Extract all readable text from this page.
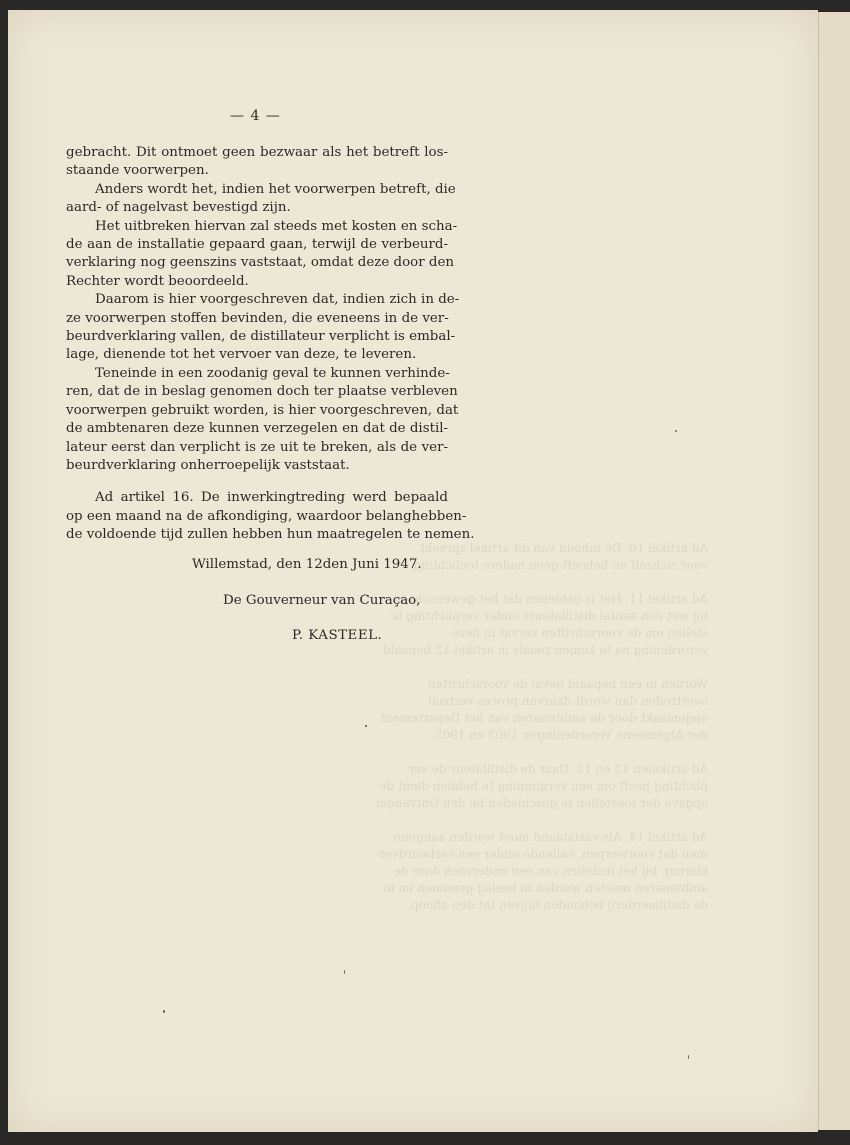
Ad artikel 10. De inhoud van dit artikel spreekt
voor zichzelf en behoeft geen nadere toelichting.

Ad artikel 11. Het is gebleken dat het gewenscht is
bij wet een aantal distillateurs onder verplichting te
stellen om de voorschriften vervat in deze
verordening na te komen zooals in artikel 12 bepaald

Worden in een bepaald geval de voorschriften
overtreden dan wordt daarvan proces-verbaal
opgemaakt door de ambtenaren van het Departement
der Algemeene Verordeningen 1903 en 1905.

Ad artikelen 12 en 13. Daar de distillateur de ver-
plichting heeft om een vergunning te hebben dient de
opgave der toestellen te geschieden bij den Ontvanger

Ad artikel 14. Als vaststaand moet worden aangeno-
men dat voorwerpen, vallende onder een verbeurdver-
klaring, bij het instellen van een onderzoek door de
ambtenaren moeten worden in beslag genomen en in
de distilleerderij behouden blijven tot den afloop.
— 4 —
gebracht. Dit ontmoet geen bezwaar als het betreft los-
staande voorwerpen.
Anders wordt het, indien het voorwerpen betreft, die
aard- of nagelvast bevestigd zijn.
Het uitbreken hiervan zal steeds met kosten en scha-
de aan de installatie gepaard gaan, terwijl de verbeurd-
verklaring nog geenszins vaststaat, omdat deze door den
Rechter wordt beoordeeld.
Daarom is hier voorgeschreven dat, indien zich in de-
ze voorwerpen stoffen bevinden, die eveneens in de ver-
beurdverklaring vallen, de distillateur verplicht is embal-
lage, dienende tot het vervoer van deze, te leveren.
Teneinde in een zoodanig geval te kunnen verhinde-
ren, dat de in beslag genomen doch ter plaatse verbleven
voorwerpen gebruikt worden, is hier voorgeschreven, dat
de ambtenaren deze kunnen verzegelen en dat de distil-
lateur eerst dan verplicht is ze uit te breken, als de ver-
beurdverklaring onherroepelijk vaststaat.
Ad artikel 16. De inwerkingtreding werd bepaald
op een maand na de afkondiging, waardoor belanghebben-
de voldoende tijd zullen hebben hun maatregelen te nemen.
Willemstad, den 12den Juni 1947.
De Gouverneur van Curaçao,
P. KASTEEL.
